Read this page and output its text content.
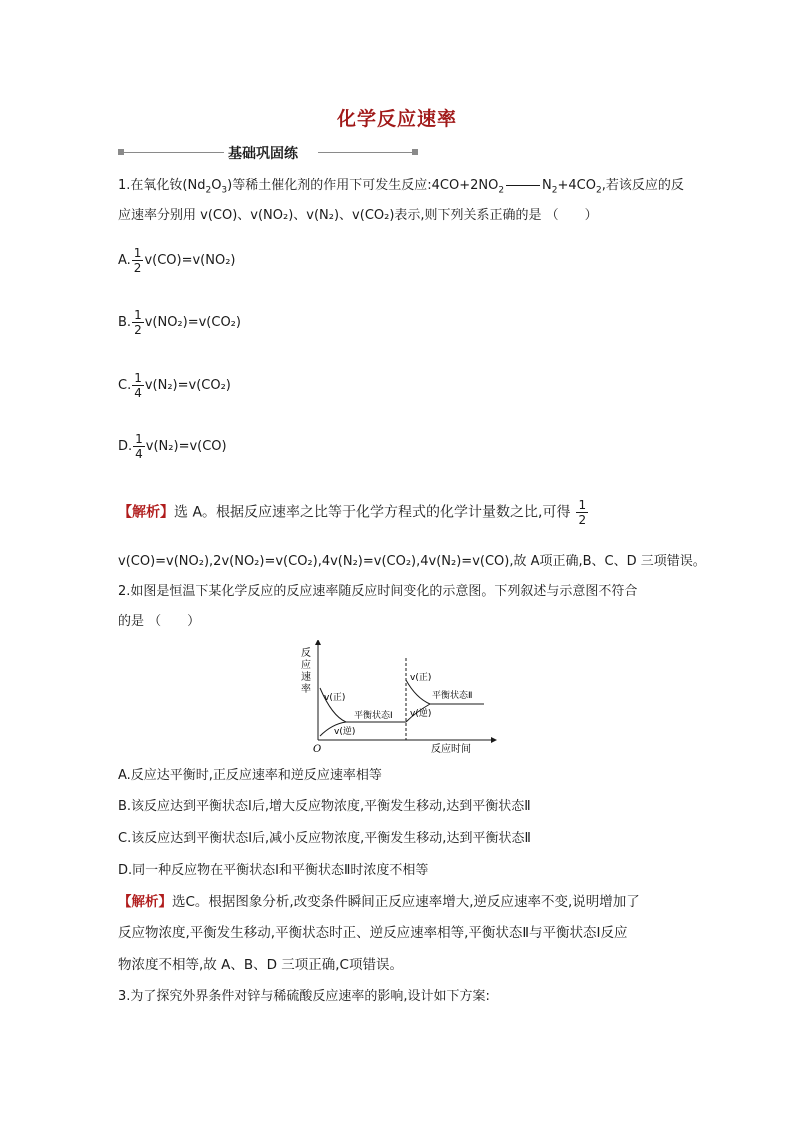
化学反应速率
基础巩固练
1.在氧化钕$(Nd_2O_3)$等稀土催化剂的作用下可发生反应$:4CO+2NO_2$	$N_2+4CO_2$,若该反应的反
应速率分别用 v(CO)、v(NO₂)、v(N₂)、v(CO₂)表示,则下列关系正确的是 （　　）
A. $\frac{1}{2} v(CO)=v(NO_2)$
B. $\frac{1}{2} v(NO_2)=v(CO_2)$
C. $\frac{1}{4} v(N_2)=v(CO_2)$
D. $\frac{1}{4} v(N_2)=v(CO)$
【解析】选 A。根据反应速率之比等于化学方程式的化学计量数之比,可得 $\frac{1}{2}$
v(CO)=v(NO₂),2v(NO₂)=v(CO₂),4v(N₂)=v(CO₂),4v(N₂)=v(CO),故 A项正确,B、C、D 三项错误。
2.如图是恒温下某化学反应的反应速率随反应时间变化的示意图。下列叙述与示意图不符合
的是 （　　）
反
应
速
率
O	反应时间
v(正)
v(逆)
平衡状态Ⅰ
v(正)
v(逆)
平衡状态Ⅱ
A.反应达平衡时,正反应速率和逆反应速率相等
B.该反应达到平衡状态Ⅰ后,增大反应物浓度,平衡发生移动,达到平衡状态Ⅱ
C.该反应达到平衡状态Ⅰ后,减小反应物浓度,平衡发生移动,达到平衡状态Ⅱ
D.同一种反应物在平衡状态Ⅰ和平衡状态Ⅱ时浓度不相等
【解析】选C。根据图象分析,改变条件瞬间正反应速率增大,逆反应速率不变,说明增加了
反应物浓度,平衡发生移动,平衡状态时正、逆反应速率相等,平衡状态Ⅱ与平衡状态Ⅰ反应
物浓度不相等,故 A、B、D 三项正确,C项错误。
3.为了探究外界条件对锌与稀硫酸反应速率的影响,设计如下方案:
